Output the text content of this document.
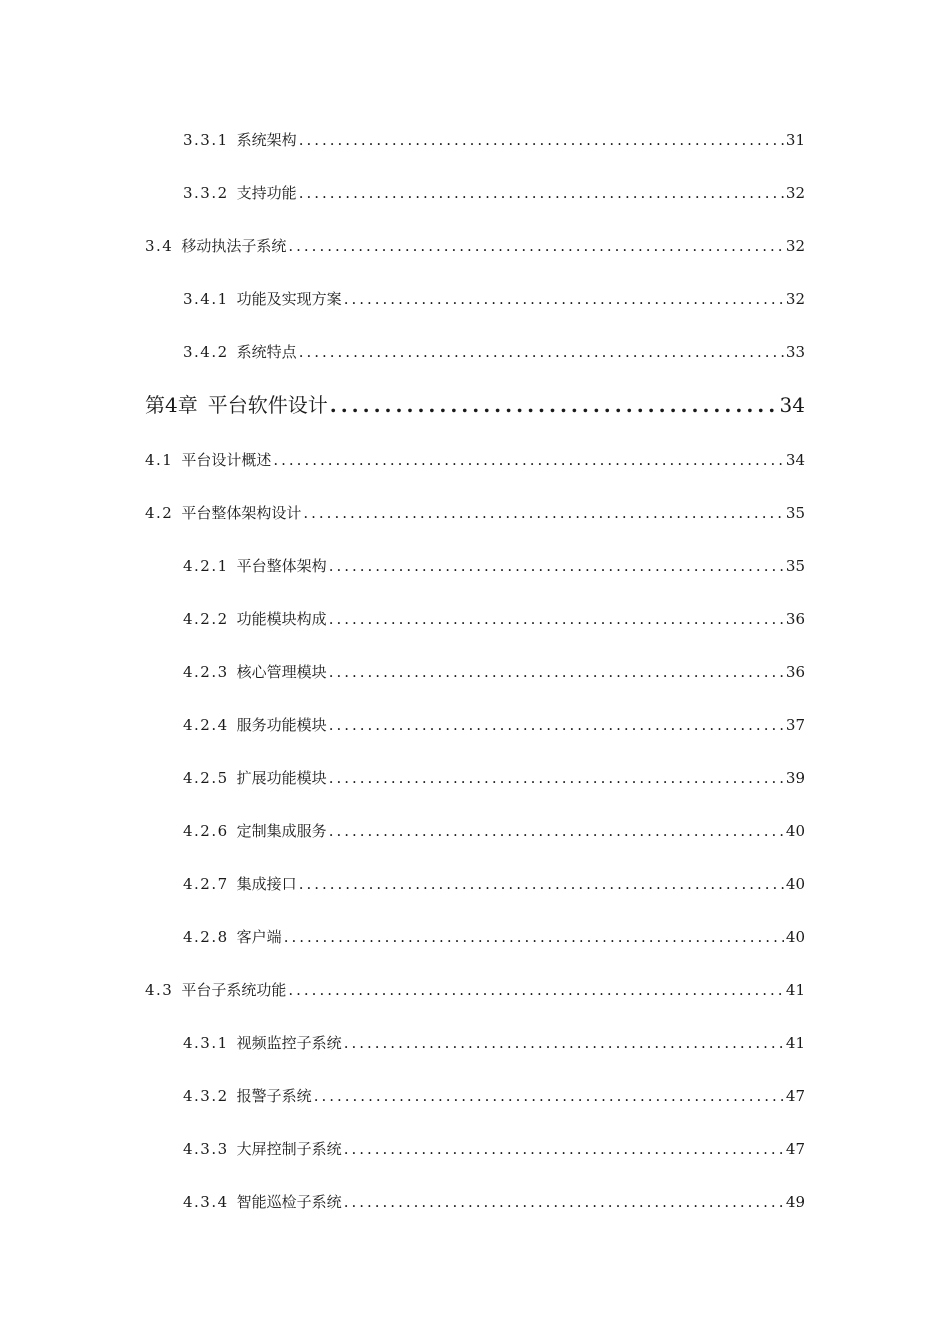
3.3.1 系统架构 .....	31
3.3.2 支持功能 .....	32
3.4 移动执法子系统 .....	32
3.4.1 功能及实现方案 .....	32
3.4.2 系统特点 .....	33
第4章 平台软件设计 .....	34
4.1 平台设计概述 .....	34
4.2 平台整体架构设计 .....	35
4.2.1 平台整体架构 .....	35
4.2.2 功能模块构成 .....	36
4.2.3 核心管理模块 .....	36
4.2.4 服务功能模块 .....	37
4.2.5 扩展功能模块 .....	39
4.2.6 定制集成服务 .....	40
4.2.7 集成接口 .....	40
4.2.8 客户端 .....	40
4.3 平台子系统功能 .....	41
4.3.1 视频监控子系统 .....	41
4.3.2 报警子系统 .....	47
4.3.3 大屏控制子系统 .....	47
4.3.4 智能巡检子系统 .....	49
